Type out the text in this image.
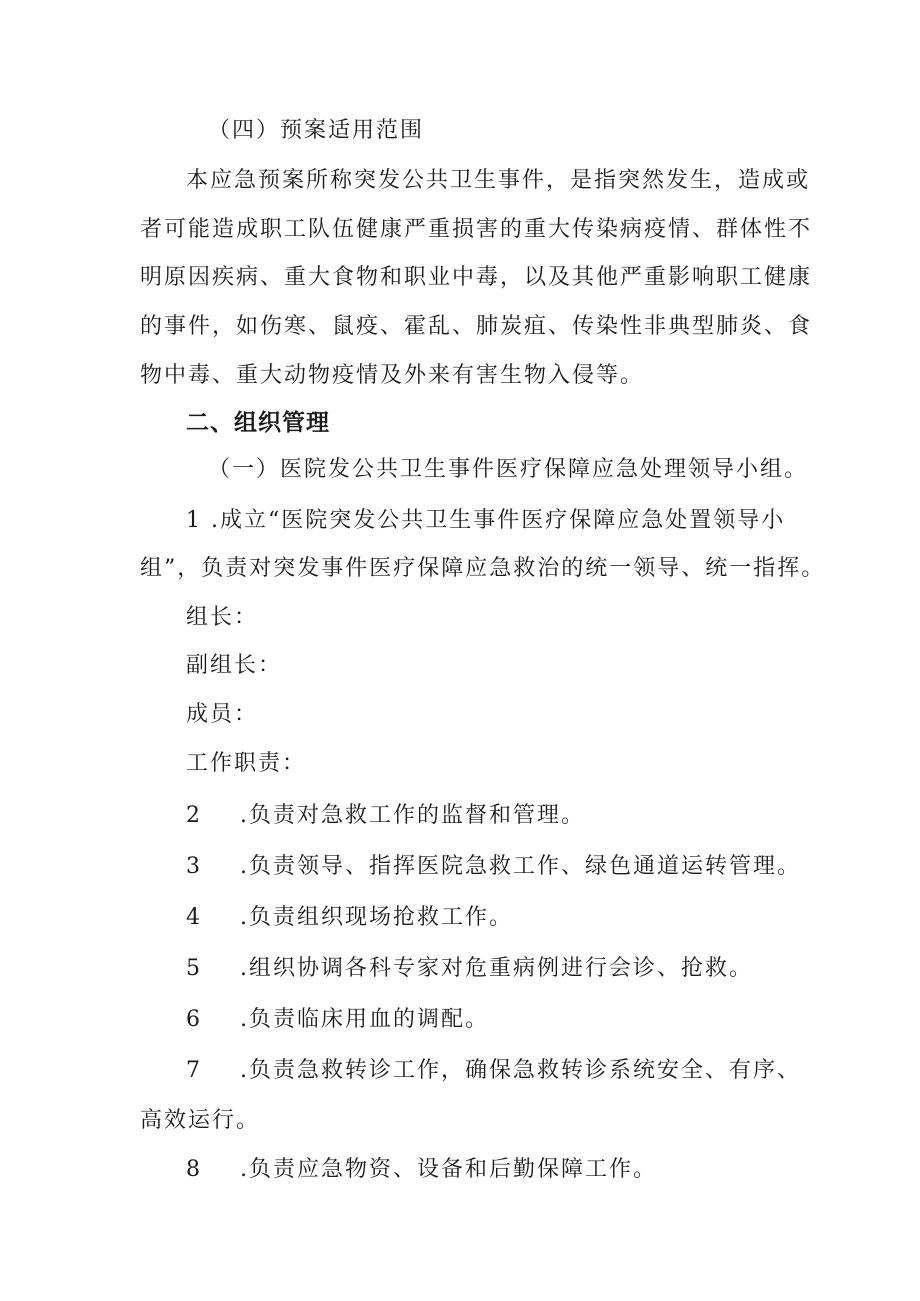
（四）预案适用范围
本应急预案所称突发公共卫生事件，是指突然发生，造成或
者可能造成职工队伍健康严重损害的重大传染病疫情、群体性不
明原因疾病、重大食物和职业中毒，以及其他严重影响职工健康
的事件，如伤寒、鼠疫、霍乱、肺炭疽、传染性非典型肺炎、食
物中毒、重大动物疫情及外来有害生物入侵等。
二、组织管理
（一）医院发公共卫生事件医疗保障应急处理领导小组。
1 .成立“医院突发公共卫生事件医疗保障应急处置领导小
组”，负责对突发事件医疗保障应急救治的统一领导、统一指挥。
组长：
副组长：
成员：
工作职责：
2 .负责对急救工作的监督和管理。
3 .负责领导、指挥医院急救工作、绿色通道运转管理。
4 .负责组织现场抢救工作。
5 .组织协调各科专家对危重病例进行会诊、抢救。
6 .负责临床用血的调配。
7 .负责急救转诊工作，确保急救转诊系统安全、有序、
高效运行。
8 .负责应急物资、设备和后勤保障工作。
